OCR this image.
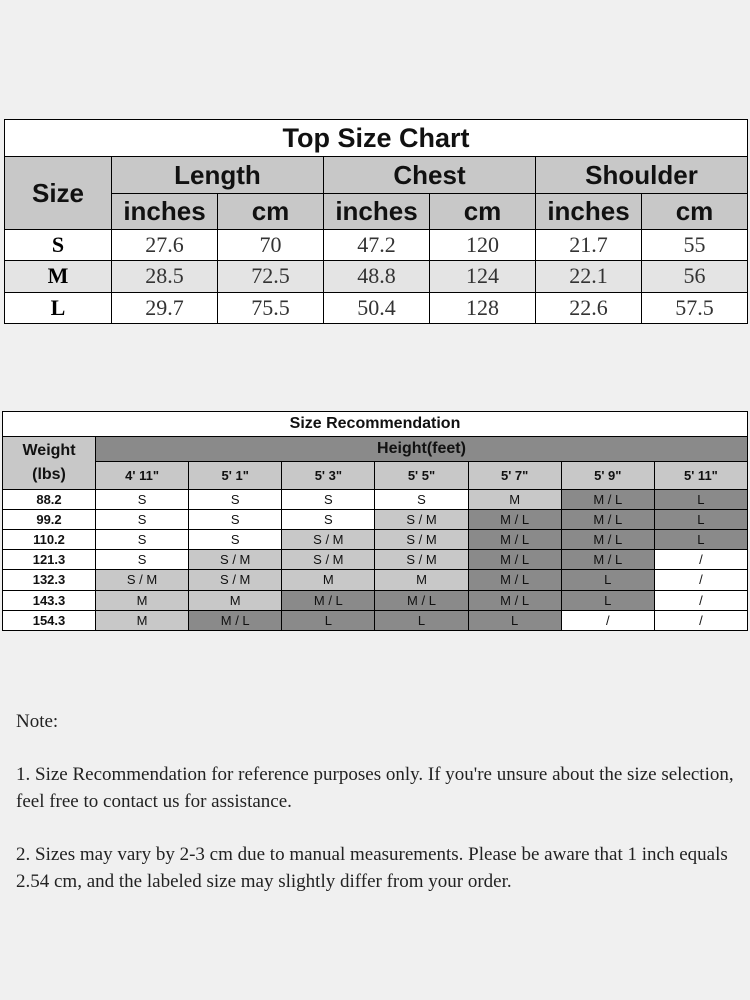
Top Size Chart						
Size	Length		Chest		Shoulder	
	inches	cm	inches	cm	inches	cm
S	27.6	70	47.2	120	21.7	55
M	28.5	72.5	48.8	124	22.1	56
L	29.7	75.5	50.4	128	22.6	57.5
Size Recommendation							
Weight
(lbs)	Height(feet)						
	4' 11"	5' 1"	5' 3"	5' 5"	5' 7"	5' 9"	5' 11"
88.2	S	S	S	S	M	M / L	L
99.2	S	S	S	S / M	M / L	M / L	L
110.2	S	S	S / M	S / M	M / L	M / L	L
121.3	S	S / M	S / M	S / M	M / L	M / L	/
132.3	S / M	S / M	M	M	M / L	L	/
143.3	M	M	M / L	M / L	M / L	L	/
154.3	M	M / L	L	L	L	/	/

Note:

1. Size Recommendation for reference purposes only. If you're unsure about the size selection, feel free to contact us for assistance.

2. Sizes may vary by 2-3 cm due to manual measurements. Please be aware that 1 inch equals 2.54 cm, and the labeled size may slightly differ from your order.
